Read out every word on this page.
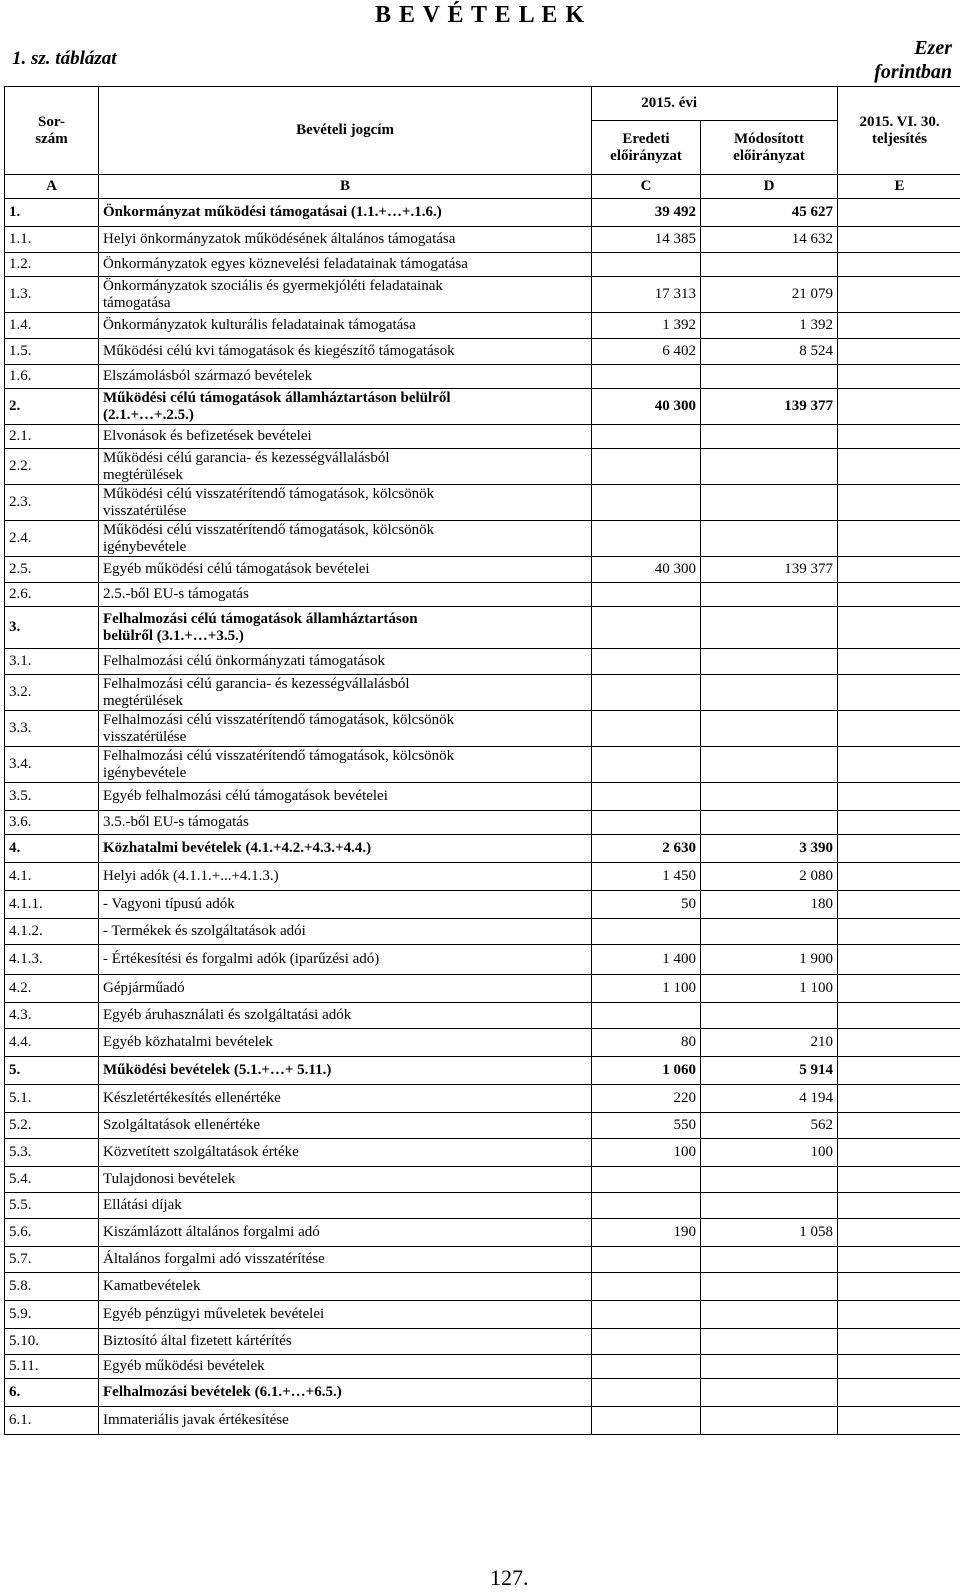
B E V É T E L E K
1. sz. táblázat	Ezer
forintban
Sor-
szám	Bevételi jogcím	2015. évi		2015. VI. 30.
teljesítés
		Eredeti
előirányzat	Módosított
előirányzat	
A	B	C	D	E
1.	Önkormányzat működési támogatásai (1.1.+…+.1.6.)	39 492	45 627	
1.1.	Helyi önkormányzatok működésének általános támogatása	14 385	14 632	
1.2.	Önkormányzatok egyes köznevelési feladatainak támogatása			
1.3.	Önkormányzatok szociális és gyermekjóléti feladatainak
támogatása	17 313	21 079	
1.4.	Önkormányzatok kulturális feladatainak támogatása	1 392	1 392	
1.5.	Működési célú kvi támogatások és kiegészítő támogatások	6 402	8 524	
1.6.	Elszámolásból származó bevételek			
2.	Működési célú támogatások államháztartáson belülről
(2.1.+…+.2.5.)	40 300	139 377	
2.1.	Elvonások és befizetések bevételei			
2.2.	Működési célú garancia- és kezességvállalásból
megtérülések			
2.3.	Működési célú visszatérítendő támogatások, kölcsönök
visszatérülése			
2.4.	Működési célú visszatérítendő támogatások, kölcsönök
igénybevétele			
2.5.	Egyéb működési célú támogatások bevételei	40 300	139 377	
2.6.	2.5.-ből EU-s támogatás			
3.	Felhalmozási célú támogatások államháztartáson
belülről (3.1.+…+3.5.)			
3.1.	Felhalmozási célú önkormányzati támogatások			
3.2.	Felhalmozási célú garancia- és kezességvállalásból
megtérülések			
3.3.	Felhalmozási célú visszatérítendő támogatások, kölcsönök
visszatérülése			
3.4.	Felhalmozási célú visszatérítendő támogatások, kölcsönök
igénybevétele			
3.5.	Egyéb felhalmozási célú támogatások bevételei			
3.6.	3.5.-ből EU-s támogatás			
4.	Közhatalmi bevételek (4.1.+4.2.+4.3.+4.4.)	2 630	3 390	
4.1.	Helyi adók (4.1.1.+...+4.1.3.)	1 450	2 080	
4.1.1.	- Vagyoni típusú adók	50	180	
4.1.2.	- Termékek és szolgáltatások adói			
4.1.3.	- Értékesítési és forgalmi adók (iparűzési adó)	1 400	1 900	
4.2.	Gépjárműadó	1 100	1 100	
4.3.	Egyéb áruhasználati és szolgáltatási adók			
4.4.	Egyéb közhatalmi bevételek	80	210	
5.	Működési bevételek (5.1.+…+ 5.11.)	1 060	5 914	
5.1.	Készletértékesítés ellenértéke	220	4 194	
5.2.	Szolgáltatások ellenértéke	550	562	
5.3.	Közvetített szolgáltatások értéke	100	100	
5.4.	Tulajdonosi bevételek			
5.5.	Ellátási díjak			
5.6.	Kiszámlázott általános forgalmi adó	190	1 058	
5.7.	Általános forgalmi adó visszatérítése			
5.8.	Kamatbevételek			
5.9.	Egyéb pénzügyi műveletek bevételei			
5.10.	Biztosító által fizetett kártérítés			
5.11.	Egyéb működési bevételek			
6.	Felhalmozási bevételek (6.1.+…+6.5.)			
6.1.	Immateriális javak értékesítése			
127.
